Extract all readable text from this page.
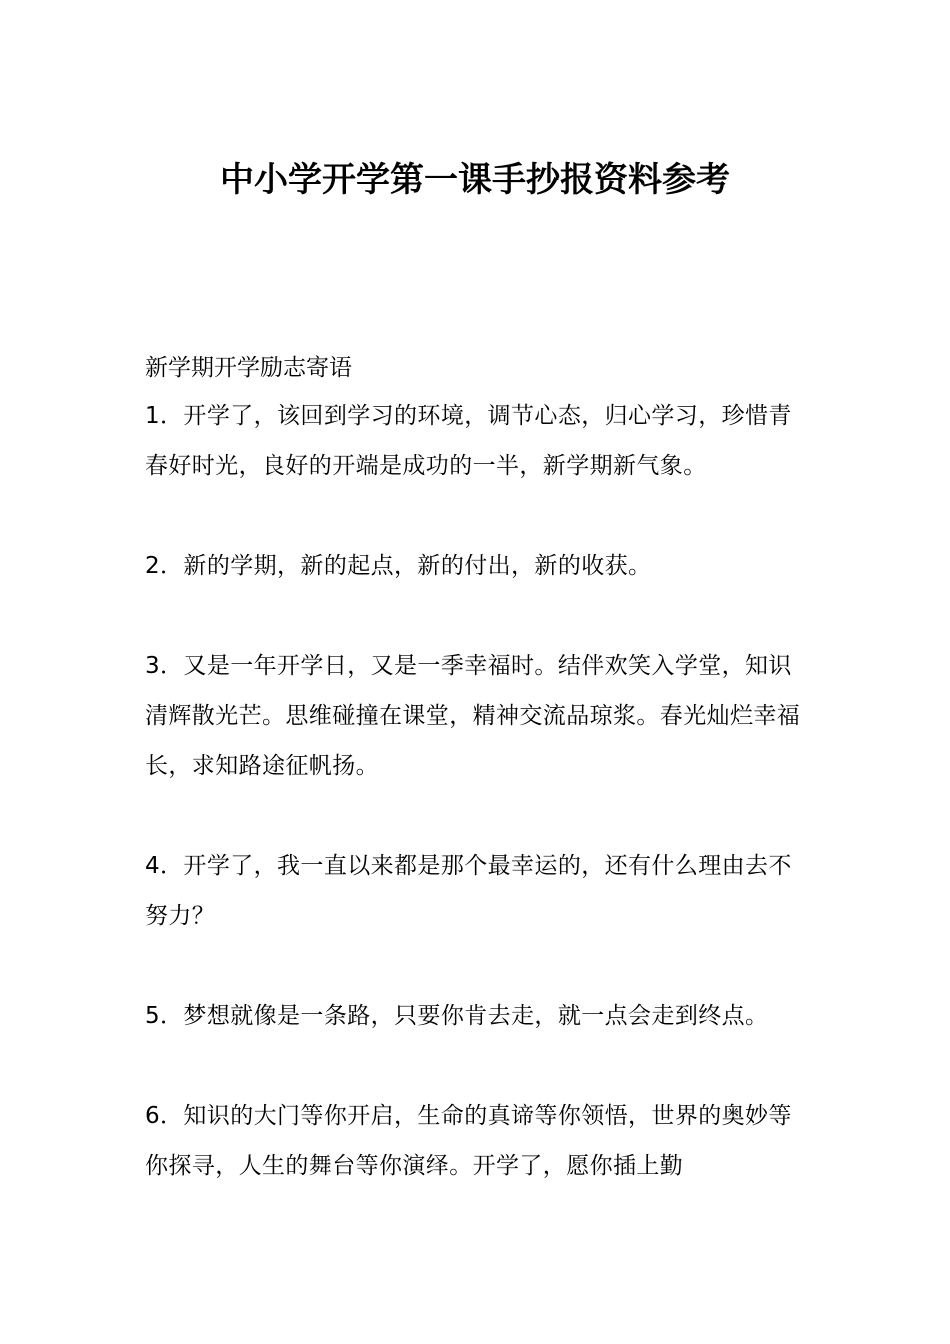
中小学开学第一课手抄报资料参考

新学期开学励志寄语

1．开学了，该回到学习的环境，调节心态，归心学习，珍惜青春好时光，良好的开端是成功的一半，新学期新气象。

2．新的学期，新的起点，新的付出，新的收获。

3．又是一年开学日，又是一季幸福时。结伴欢笑入学堂，知识清辉散光芒。思维碰撞在课堂，精神交流品琼浆。春光灿烂幸福长，求知路途征帆扬。

4．开学了，我一直以来都是那个最幸运的，还有什么理由去不努力？

5．梦想就像是一条路，只要你肯去走，就一点会走到终点。

6．知识的大门等你开启，生命的真谛等你领悟，世界的奥妙等你探寻，人生的舞台等你演绎。开学了，愿你插上勤
